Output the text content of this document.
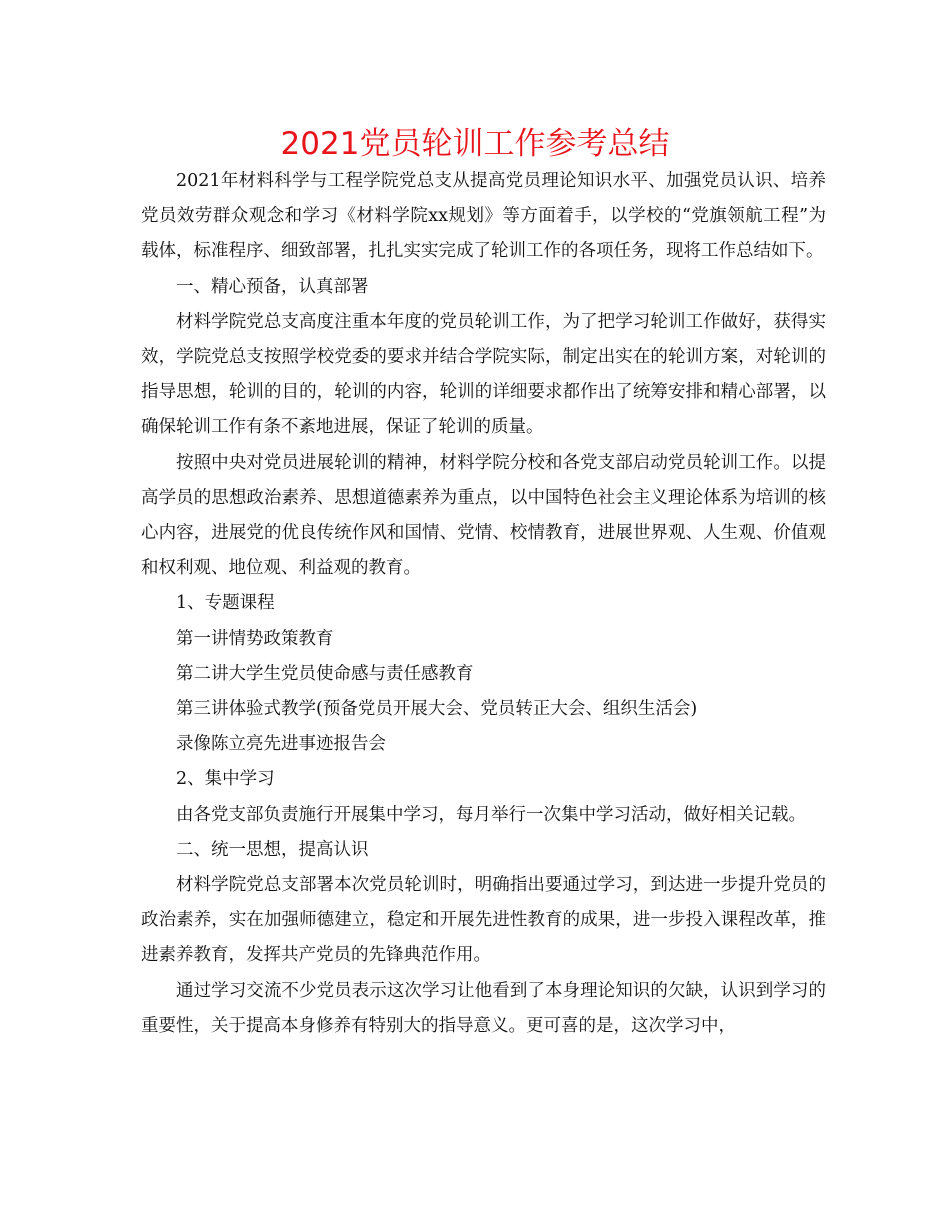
2021党员轮训工作参考总结

2021年材料科学与工程学院党总支从提高党员理论知识水平、加强党员认识、培养党员效劳群众观念和学习《材料学院xx规划》等方面着手，以学校的“党旗领航工程”为载体，标准程序、细致部署，扎扎实实完成了轮训工作的各项任务，现将工作总结如下。

一、精心预备，认真部署

材料学院党总支高度注重本年度的党员轮训工作，为了把学习轮训工作做好，获得实效，学院党总支按照学校党委的要求并结合学院实际，制定出实在的轮训方案，对轮训的指导思想，轮训的目的，轮训的内容，轮训的详细要求都作出了统筹安排和精心部署，以确保轮训工作有条不紊地进展，保证了轮训的质量。

按照中央对党员进展轮训的精神，材料学院分校和各党支部启动党员轮训工作。以提高学员的思想政治素养、思想道德素养为重点，以中国特色社会主义理论体系为培训的核心内容，进展党的优良传统作风和国情、党情、校情教育，进展世界观、人生观、价值观和权利观、地位观、利益观的教育。

1、专题课程

第一讲情势政策教育

第二讲大学生党员使命感与责任感教育

第三讲体验式教学(预备党员开展大会、党员转正大会、组织生活会)

录像陈立亮先进事迹报告会

2、集中学习

由各党支部负责施行开展集中学习，每月举行一次集中学习活动，做好相关记载。

二、统一思想，提高认识

材料学院党总支部署本次党员轮训时，明确指出要通过学习，到达进一步提升党员的政治素养，实在加强师德建立，稳定和开展先进性教育的成果，进一步投入课程改革，推进素养教育，发挥共产党员的先锋典范作用。

通过学习交流不少党员表示这次学习让他看到了本身理论知识的欠缺，认识到学习的重要性，关于提高本身修养有特别大的指导意义。更可喜的是，这次学习中，
